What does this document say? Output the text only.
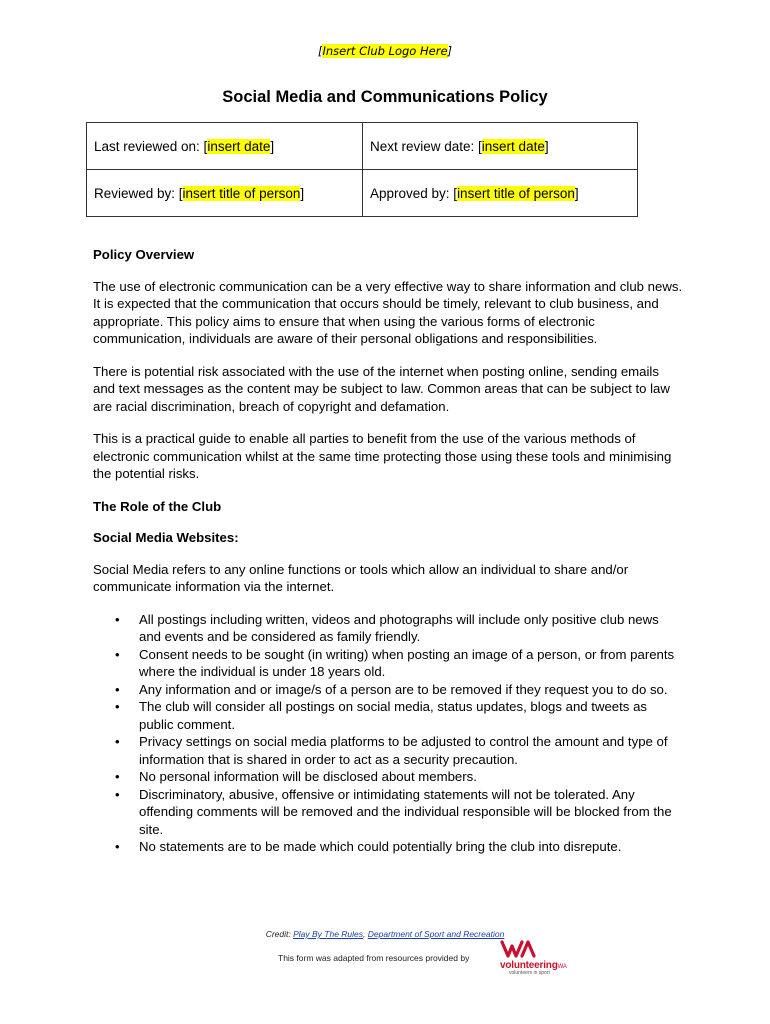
[Insert Club Logo Here]
Social Media and Communications Policy
Last reviewed on: [insert date]	Next review date: [insert date]
Reviewed by: [insert title of person]	Approved by: [insert title of person]
Policy Overview

The use of electronic communication can be a very effective way to share information and club news. It is expected that the communication that occurs should be timely, relevant to club business, and appropriate. This policy aims to ensure that when using the various forms of electronic communication, individuals are aware of their personal obligations and responsibilities.

There is potential risk associated with the use of the internet when posting online, sending emails and text messages as the content may be subject to law. Common areas that can be subject to law are racial discrimination, breach of copyright and defamation.

This is a practical guide to enable all parties to benefit from the use of the various methods of electronic communication whilst at the same time protecting those using these tools and minimising the potential risks.

The Role of the Club
Social Media Websites:

Social Media refers to any online functions or tools which allow an individual to share and/or communicate information via the internet.

• All postings including written, videos and photographs will include only positive club news and events and be considered as family friendly.
• Consent needs to be sought (in writing) when posting an image of a person, or from parents where the individual is under 18 years old.
• Any information and or image/s of a person are to be removed if they request you to do so.
• The club will consider all postings on social media, status updates, blogs and tweets as public comment.
• Privacy settings on social media platforms to be adjusted to control the amount and type of information that is shared in order to act as a security precaution.
• No personal information will be disclosed about members.
• Discriminatory, abusive, offensive or intimidating statements will not be tolerated. Any offending comments will be removed and the individual responsible will be blocked from the site.
• No statements are to be made which could potentially bring the club into disrepute.
Credit: Play By The Rules, Department of Sport and Recreation
This form was adapted from resources provided by
volunteeringWA
volunteers in sport
